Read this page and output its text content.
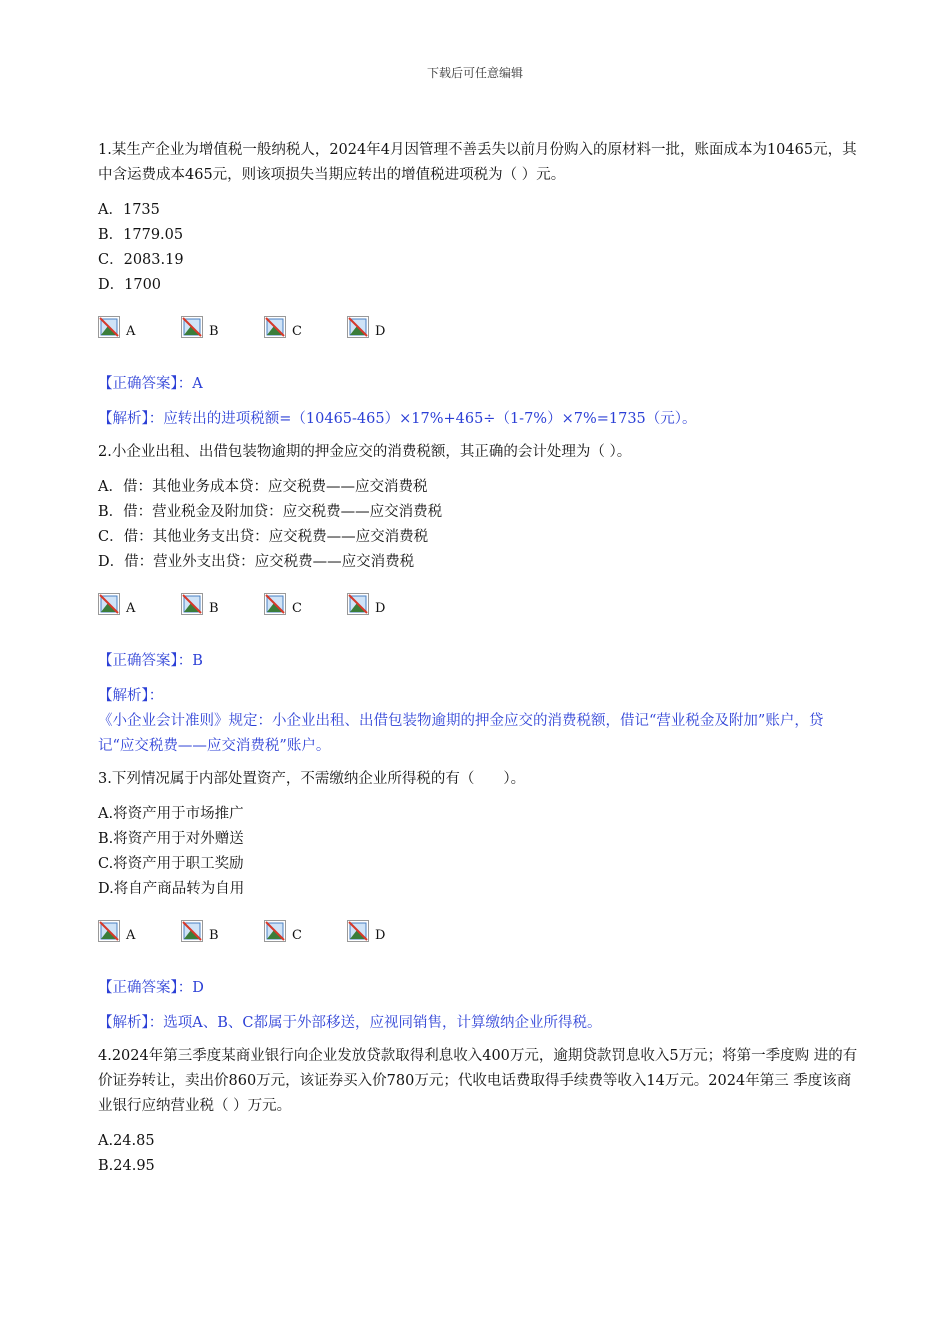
下载后可任意编辑
1.某生产企业为增值税一般纳税人，2024年4月因管理不善丢失以前月份购入的原材料一批，账面成本为10465元，其中含运费成本465元，则该项损失当期应转出的增值税进项税为（ ）元。
A．1735
B．1779.05
C．2083.19
D．1700
A	B	C	D
【正确答案】：A
【解析】：应转出的进项税额=（10465-465）×17%+465÷（1-7%）×7%=1735（元）。
2.小企业出租、出借包装物逾期的押金应交的消费税额，其正确的会计处理为（ ）。
A．借：其他业务成本贷：应交税费——应交消费税
B．借：营业税金及附加贷：应交税费——应交消费税
C．借：其他业务支出贷：应交税费——应交消费税
D．借：营业外支出贷：应交税费——应交消费税
A	B	C	D
【正确答案】：B
【解析】：
《小企业会计准则》规定：小企业出租、出借包装物逾期的押金应交的消费税额，借记“营业税金及附加”账户，贷记“应交税费——应交消费税”账户。
3.下列情况属于内部处置资产，不需缴纳企业所得税的有（　　）。
A.将资产用于市场推广
B.将资产用于对外赠送
C.将资产用于职工奖励
D.将自产商品转为自用
A	B	C	D
【正确答案】：D
【解析】：选项A、B、C都属于外部移送，应视同销售，计算缴纳企业所得税。
4.2024年第三季度某商业银行向企业发放贷款取得利息收入400万元，逾期贷款罚息收入5万元；将第一季度购 进的有价证券转让，卖出价860万元，该证券买入价780万元；代收电话费取得手续费等收入14万元。2024年第三 季度该商业银行应纳营业税（ ）万元。
A.24.85
B.24.95
